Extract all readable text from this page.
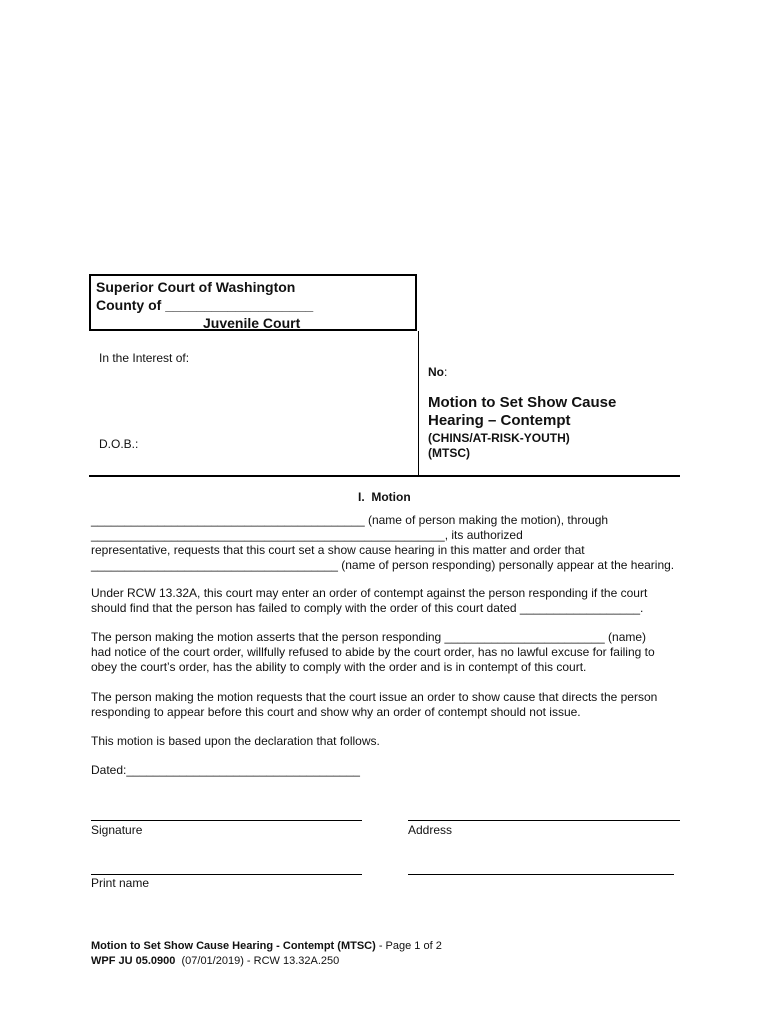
Superior Court of Washington
County of ___________________
Juvenile Court
In the Interest of:
D.O.B.:
No:
Motion to Set Show Cause
Hearing – Contempt
(CHINS/AT-RISK-YOUTH)
(MTSC)
I.  Motion
_________________________________________ (name of person making the motion), through
_____________________________________________________, its authorized
representative, requests that this court set a show cause hearing in this matter and order that
_____________________________________ (name of person responding) personally appear at the hearing.
Under RCW 13.32A, this court may enter an order of contempt against the person responding if the court
should find that the person has failed to comply with the order of this court dated __________________.
The person making the motion asserts that the person responding ________________________ (name)
had notice of the court order, willfully refused to abide by the court order, has no lawful excuse for failing to
obey the court’s order, has the ability to comply with the order and is in contempt of this court.
The person making the motion requests that the court issue an order to show cause that directs the person
responding to appear before this court and show why an order of contempt should not issue.
This motion is based upon the declaration that follows.
Dated:___________________________________
Signature	Address
Print name
Motion to Set Show Cause Hearing - Contempt (MTSC) - Page 1 of 2
WPF JU 05.0900  (07/01/2019) - RCW 13.32A.250
